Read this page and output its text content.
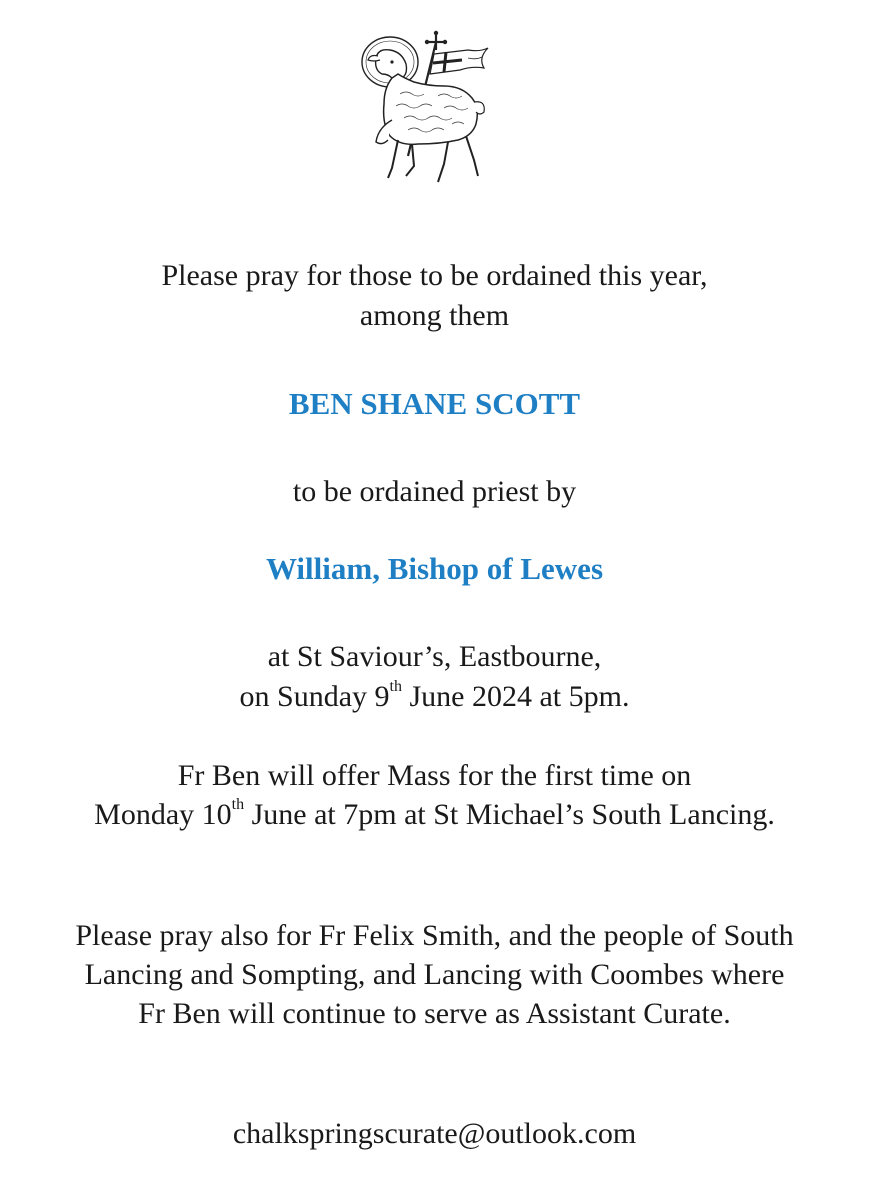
Please pray for those to be ordained this year,
among them
BEN SHANE SCOTT
to be ordained priest by
William, Bishop of Lewes
at St Saviour’s, Eastbourne,
on Sunday 9th June 2024 at 5pm.
Fr Ben will offer Mass for the first time on
Monday 10th June at 7pm at St Michael’s South Lancing.
Please pray also for Fr Felix Smith, and the people of South
Lancing and Sompting, and Lancing with Coombes where
Fr Ben will continue to serve as Assistant Curate.
chalkspringscurate@outlook.com
